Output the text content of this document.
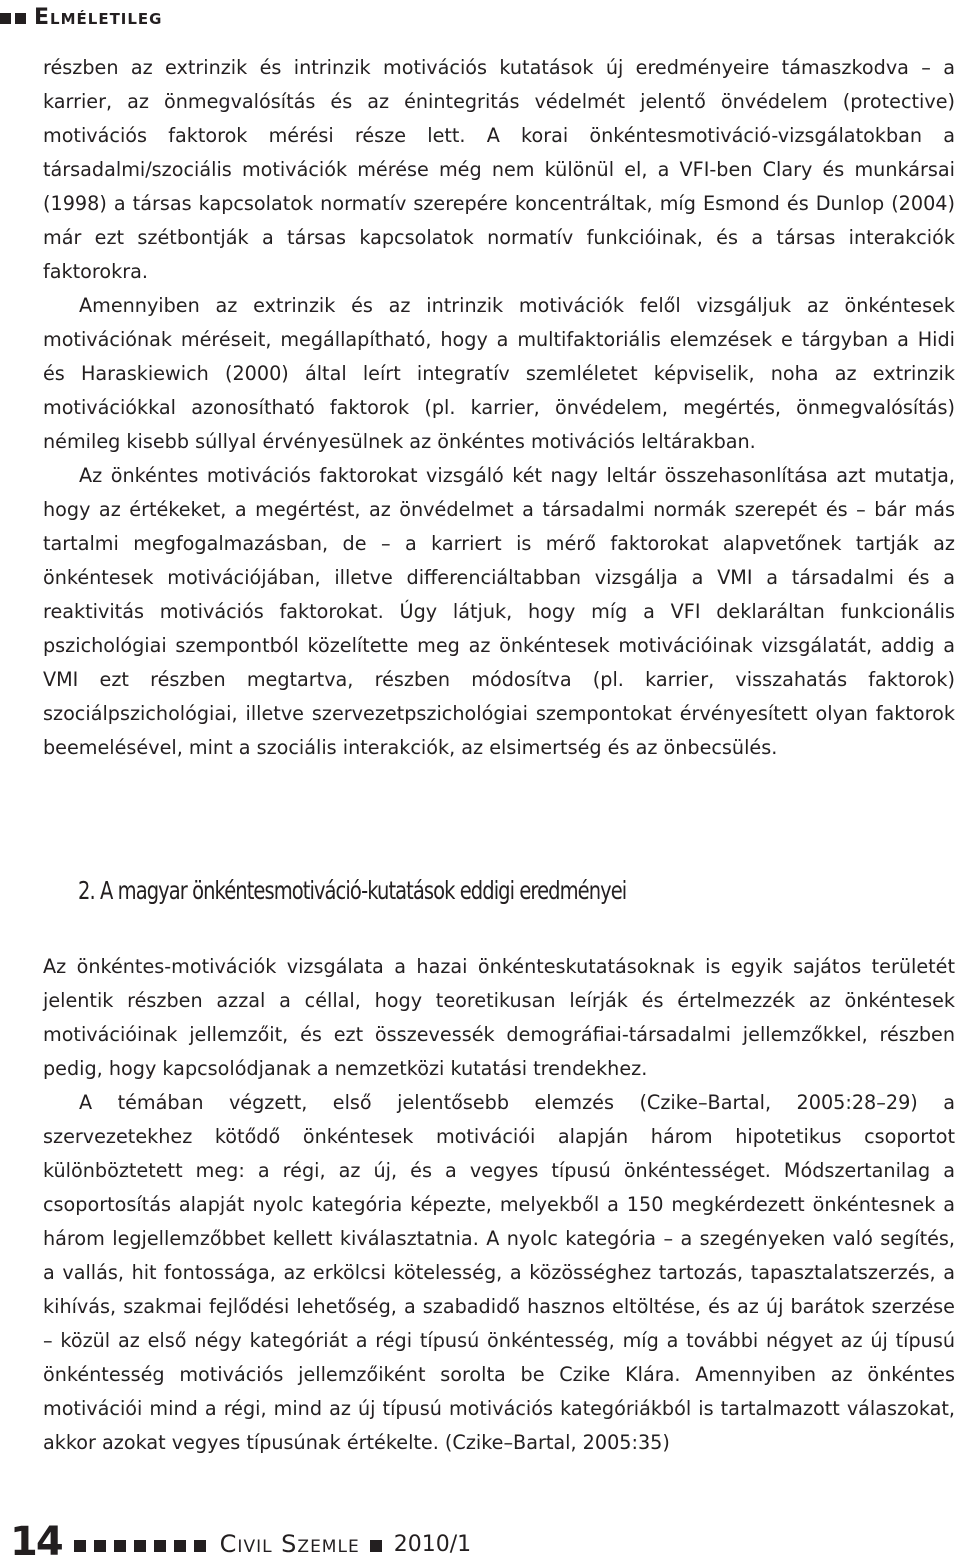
Elméletileg

részben az extrinzik és intrinzik motivációs kutatások új eredményeire támaszkodva – a karrier, az önmegvalósítás és az énintegritás védelmét jelentő önvédelem (protective) motivációs faktorok mérési része lett. A korai önkéntesmotiváció-vizsgálatokban a társadalmi/szociális motivációk mérése még nem különül el, a VFI-ben Clary és munkársai (1998) a társas kapcsolatok normatív szerepére koncentráltak, míg Esmond és Dunlop (2004) már ezt szétbontják a társas kapcsolatok normatív funkcióinak, és a társas interakciók faktorokra.

Amennyiben az extrinzik és az intrinzik motivációk felől vizsgáljuk az önkéntesek motivációnak méréseit, megállapítható, hogy a multifaktoriális elemzések e tárgyban a Hidi és Haraskiewich (2000) által leírt integratív szemléletet képviselik, noha az extrinzik motivációkkal azonosítható faktorok (pl. karrier, önvédelem, megértés, önmegvalósítás) némileg kisebb súllyal érvényesülnek az önkéntes motivációs leltárakban.

Az önkéntes motivációs faktorokat vizsgáló két nagy leltár összehasonlítása azt mutatja, hogy az értékeket, a megértést, az önvédelmet a társadalmi normák szerepét és – bár más tartalmi megfogalmazásban, de – a karriert is mérő faktorokat alapvetőnek tartják az önkéntesek motivációjában, illetve differenciáltabban vizsgálja a VMI a társadalmi és a reaktivitás motivációs faktorokat. Úgy látjuk, hogy míg a VFI deklaráltan funkcionális pszichológiai szempontból közelítette meg az önkéntesek motivációinak vizsgálatát, addig a VMI ezt részben megtartva, részben módosítva (pl. karrier, visszahatás faktorok) szociálpszichológiai, illetve szervezetpszichológiai szempontokat érvényesített olyan faktorok beemelésével, mint a szociális interakciók, az elsimertség és az önbecsülés.

2. A magyar önkéntesmotiváció-kutatások eddigi eredményei

Az önkéntes-motivációk vizsgálata a hazai önkénteskutatásoknak is egyik sajátos területét jelentik részben azzal a céllal, hogy teoretikusan leírják és értelmezzék az önkéntesek motivációinak jellemzőit, és ezt összevessék demográfiai-társadalmi jellemzőkkel, részben pedig, hogy kapcsolódjanak a nemzetközi kutatási trendekhez.

A témában végzett, első jelentősebb elemzés (Czike–Bartal, 2005:28–29) a szervezetekhez kötődő önkéntesek motivációi alapján három hipotetikus csoportot különböztetett meg: a régi, az új, és a vegyes típusú önkéntességet. Módszertanilag a csoportosítás alapját nyolc kategória képezte, melyekből a 150 megkérdezett önkéntesnek a három legjellemzőbbet kellett kiválasztatnia. A nyolc kategória – a szegényeken való segítés, a vallás, hit fontossága, az erkölcsi kötelesség, a közösséghez tartozás, tapasztalatszerzés, a kihívás, szakmai fejlődési lehetőség, a szabadidő hasznos eltöltése, és az új barátok szerzése – közül az első négy kategóriát a régi típusú önkéntesség, míg a további négyet az új típusú önkéntesség motivációs jellemzőiként sorolta be Czike Klára. Amennyiben az önkéntes motivációi mind a régi, mind az új típusú motivációs kategóriákból is tartalmazott válaszokat, akkor azokat vegyes típusúnak értékelte. (Czike–Bartal, 2005:35)

14	Civil Szemle 2010/1
